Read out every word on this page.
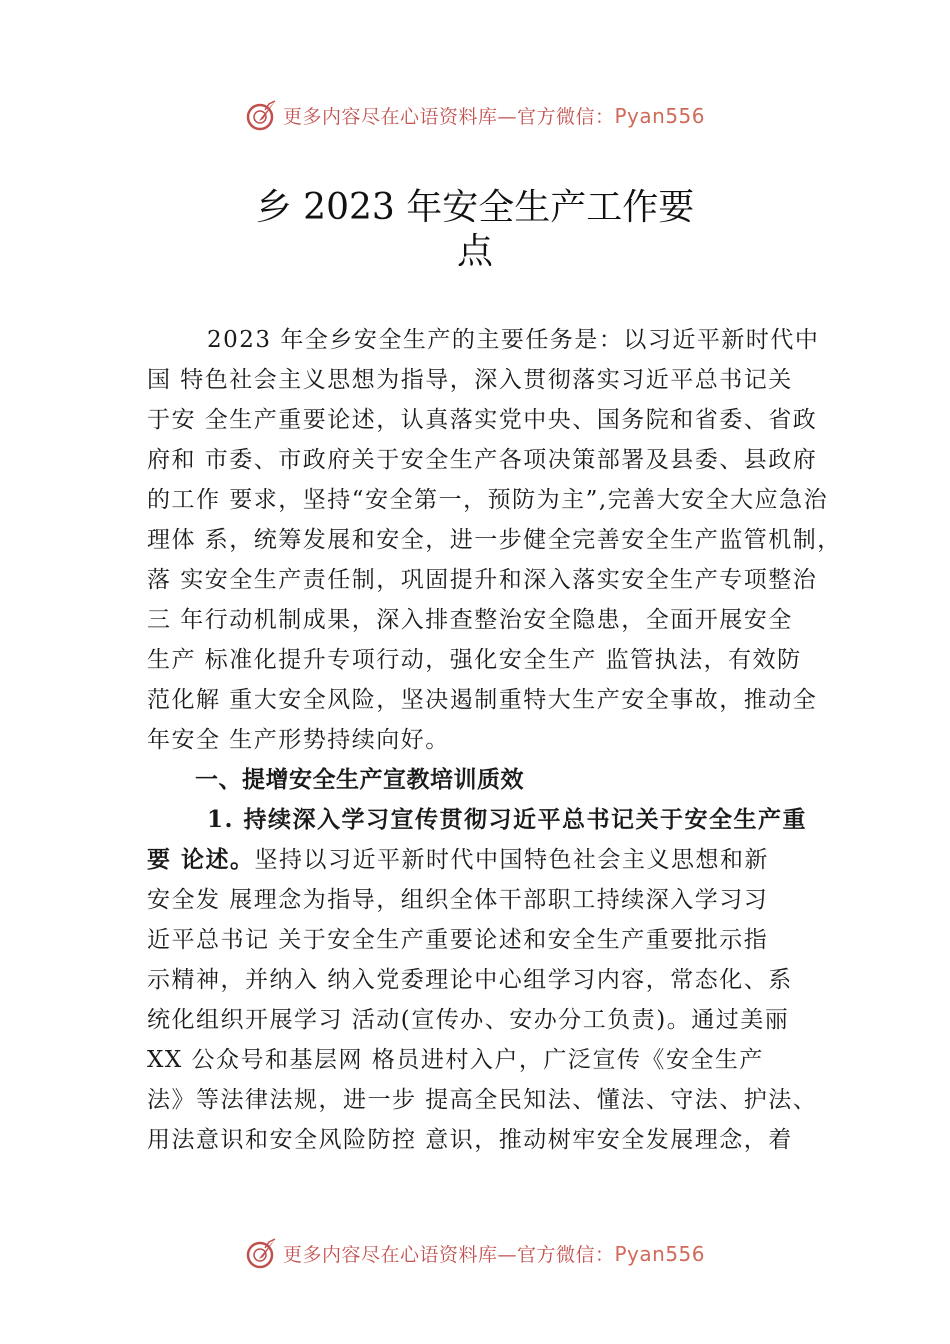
更多内容尽在心语资料库—官方微信：Pyan556
乡 2023 年安全生产工作要
点

2023 年全乡安全生产的主要任务是：以习近平新时代中

国 特色社会主义思想为指导，深入贯彻落实习近平总书记关

于安 全生产重要论述，认真落实党中央、国务院和省委、省政

府和 市委、市政府关于安全生产各项决策部署及县委、县政府

的工作 要求，坚持“安全第一，预防为主”,完善大安全大应急治

理体 系，统筹发展和安全，进一步健全完善安全生产监管机制，

落 实安全生产责任制，巩固提升和深入落实安全生产专项整治

三 年行动机制成果，深入排查整治安全隐患，全面开展安全

生产 标准化提升专项行动，强化安全生产 监管执法，有效防

范化解 重大安全风险，坚决遏制重特大生产安全事故，推动全

年安全 生产形势持续向好。

一、提增安全生产宣教培训质效

1. 持续深入学习宣传贯彻习近平总书记关于安全生产重

要 论述。坚持以习近平新时代中国特色社会主义思想和新

安全发 展理念为指导，组织全体干部职工持续深入学习习

近平总书记 关于安全生产重要论述和安全生产重要批示指

示精神，并纳入 纳入党委理论中心组学习内容，常态化、系

统化组织开展学习 活动(宣传办、安办分工负责)。通过美丽

XX 公众号和基层网 格员进村入户，广泛宣传《安全生产

法》等法律法规，进一步 提高全民知法、懂法、守法、护法、

用法意识和安全风险防控 意识，推动树牢安全发展理念，着

更多内容尽在心语资料库—官方微信：Pyan556
